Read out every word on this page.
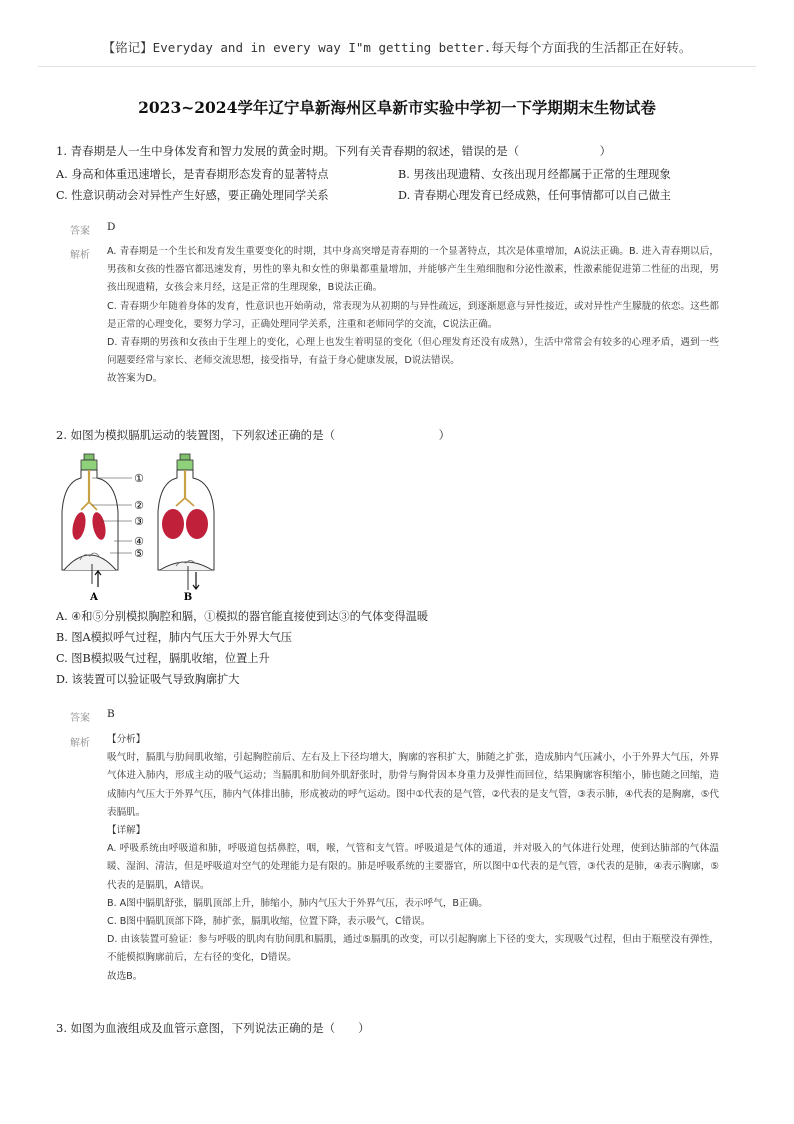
【铭记】Everyday and in every way I"m getting better.每天每个方面我的生活都正在好转。
2023~2024学年辽宁阜新海州区阜新市实验中学初一下学期期末生物试卷
1. 青春期是人一生中身体发育和智力发展的黄金时期。下列有关青春期的叙述，错误的是（　　　　　　　）
A. 身高和体重迅速增长，是青春期形态发育的显著特点	B. 男孩出现遗精、女孩出现月经都属于正常的生理现象
C. 性意识萌动会对异性产生好感，要正确处理同学关系	D. 青春期心理发育已经成熟，任何事情都可以自己做主
答案 D
解析 A. 青春期是一个生长和发育发生重要变化的时期，其中身高突增是青春期的一个显著特点，其次是体重增加，A说法正确。B. 进入青春期以后，男孩和女孩的性器官都迅速发育，男性的睾丸和女性的卵巢都重量增加，并能够产生生殖细胞和分泌性激素，性激素能促进第二性征的出现，男孩出现遗精，女孩会来月经，这是正常的生理现象，B说法正确。

C. 青春期少年随着身体的发育，性意识也开始萌动，常表现为从初期的与异性疏远，到逐渐愿意与异性接近，或对异性产生朦胧的依恋。这些都是正常的心理变化，要努力学习，正确处理同学关系，注重和老师同学的交流，C说法正确。

D. 青春期的男孩和女孩由于生理上的变化，心理上也发生着明显的变化（但心理发育还没有成熟），生活中常常会有较多的心理矛盾，遇到一些问题要经常与家长、老师交流思想，接受指导，有益于身心健康发展，D说法错误。

故答案为D。

2. 如图为模拟膈肌运动的装置图，下列叙述正确的是（　　　　　　　　　）
A	B
①
②
③
④
⑤
A. ④和⑤分别模拟胸腔和膈，①模拟的器官能直接使到达③的气体变得温暖
B. 图A模拟呼气过程，肺内气压大于外界大气压
C. 图B模拟吸气过程，膈肌收缩，位置上升
D. 该装置可以验证吸气导致胸廓扩大
答案 B
解析 【分析】

吸气时，膈肌与肋间肌收缩，引起胸腔前后、左右及上下径均增大，胸廓的容积扩大，肺随之扩张，造成肺内气压减小，小于外界大气压，外界气体进入肺内，形成主动的吸气运动；当膈肌和肋间外肌舒张时，肋骨与胸骨因本身重力及弹性而回位，结果胸廓容积缩小，肺也随之回缩，造成肺内气压大于外界气压，肺内气体排出肺，形成被动的呼气运动。图中①代表的是气管，②代表的是支气管，③表示肺，④代表的是胸廓，⑤代表膈肌。

【详解】

A. 呼吸系统由呼吸道和肺，呼吸道包括鼻腔，咽，喉，气管和支气管。呼吸道是气体的通道，并对吸入的气体进行处理，使到达肺部的气体温暖、湿润、清洁，但是呼吸道对空气的处理能力是有限的。肺是呼吸系统的主要器官，所以图中①代表的是气管，③代表的是肺，④表示胸廓，⑤代表的是膈肌，A错误。

B. A图中膈肌舒张，膈肌顶部上升，肺缩小，肺内气压大于外界气压，表示呼气，B正确。

C. B图中膈肌顶部下降，肺扩张，膈肌收缩，位置下降，表示吸气，C错误。

D. 由该装置可验证：参与呼吸的肌肉有肋间肌和膈肌，通过⑤膈肌的改变，可以引起胸廓上下径的变大，实现吸气过程，但由于瓶壁没有弹性，不能模拟胸廓前后，左右径的变化，D错误。

故选B。

3. 如图为血液组成及血管示意图，下列说法正确的是（　　）
